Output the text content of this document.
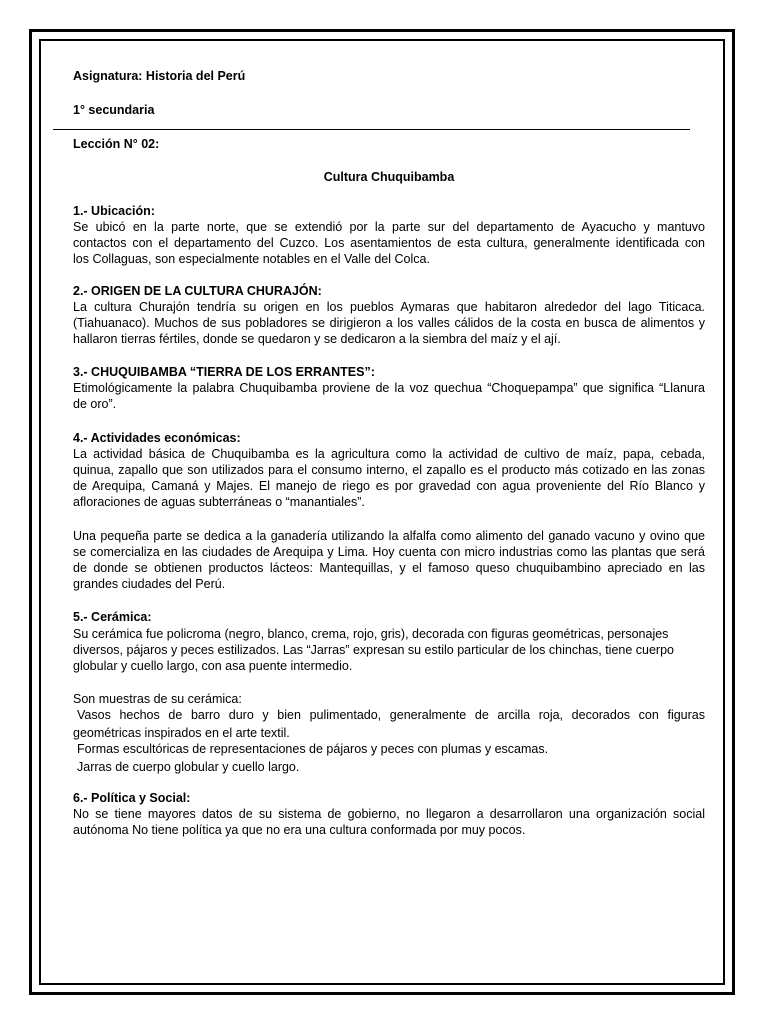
Asignatura: Historia del Perú
1° secundaria
Lección N° 02:
Cultura Chuquibamba
1.- Ubicación:
Se ubicó en la parte norte, que se extendió por la parte sur del departamento de Ayacucho y mantuvo
contactos con el departamento del Cuzco. Los asentamientos de esta cultura, generalmente identificada con
los Collaguas, son especialmente notables en el Valle del Colca.
2.- ORIGEN DE LA CULTURA CHURAJÓN:
La cultura Churajón tendría su origen en los pueblos Aymaras que habitaron alrededor del lago Titicaca.
(Tiahuanaco). Muchos de sus pobladores se dirigieron a los valles cálidos de la costa en busca de alimentos y
hallaron tierras fértiles, donde se quedaron y se dedicaron a la siembra del maíz y el ají.
3.- CHUQUIBAMBA “TIERRA DE LOS ERRANTES”:
Etimológicamente la palabra Chuquibamba proviene de la voz quechua “Choquepampa” que significa “Llanura
de oro”.
4.- Actividades económicas:
La actividad básica de Chuquibamba es la agricultura como la actividad de cultivo de maíz, papa, cebada,
quinua, zapallo que son utilizados para el consumo interno, el zapallo es el producto más cotizado en las zonas
de Arequipa, Camaná y Majes. El manejo de riego es por gravedad con agua proveniente del Río Blanco y
afloraciones de aguas subterráneas o “manantiales”.
Una pequeña parte se dedica a la ganadería utilizando la alfalfa como alimento del ganado vacuno y ovino que
se comercializa en las ciudades de Arequipa y Lima. Hoy cuenta con micro industrias como las plantas que será
de donde se obtienen productos lácteos: Mantequillas, y el famoso queso chuquibambino apreciado en las
grandes ciudades del Perú.
5.- Cerámica:
Su cerámica fue policroma (negro, blanco, crema, rojo, gris), decorada con figuras geométricas, personajes
diversos, pájaros y peces estilizados. Las “Jarras” expresan su estilo particular de los chinchas, tiene cuerpo
globular y cuello largo, con asa puente intermedio.
Son muestras de su cerámica:
Vasos hechos de barro duro y bien pulimentado, generalmente de arcilla roja, decorados con figuras
geométricas inspirados en el arte textil.
Formas escultóricas de representaciones de pájaros y peces con plumas y escamas.
Jarras de cuerpo globular y cuello largo.
6.- Política y Social:
No se tiene mayores datos de su sistema de gobierno, no llegaron a desarrollaron una organización social
autónoma No tiene política ya que no era una cultura conformada por muy pocos.
